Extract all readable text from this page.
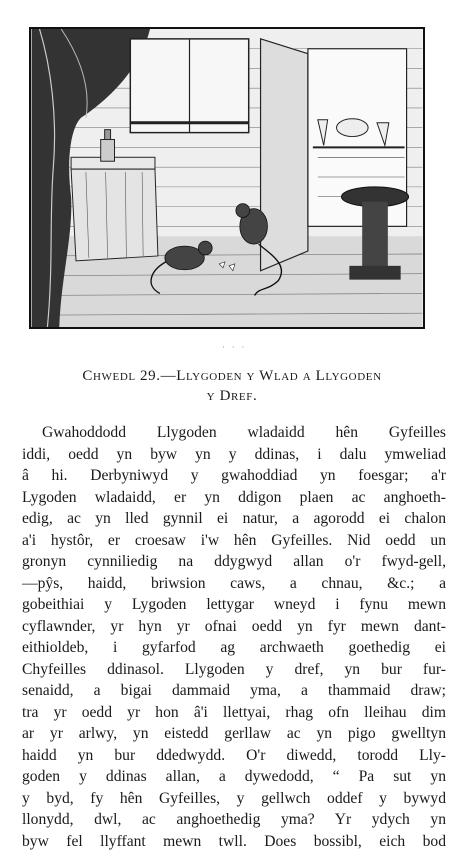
· · ·
Chwedl 29.—Llygoden y Wlad a Llygoden
y Dref.
Gwahoddodd Llygoden wladaidd hên Gyfeilles
iddi, oedd yn byw yn y ddinas, i dalu ymweliad
â hi. Derbyniwyd y gwahoddiad yn foesgar; a'r
Lygoden wladaidd, er yn ddigon plaen ac anghoeth-
edig, ac yn lled gynnil ei natur, a agorodd ei chalon
a'i hystôr, er croesaw i'w hên Gyfeilles. Nid oedd un
gronyn cynniliedig na ddygwyd allan o'r fwyd-gell,
—pŷs, haidd, briwsion caws, a chnau, &c.; a
gobeithiai y Lygoden lettygar wneyd i fynu mewn
cyflawnder, yr hyn yr ofnai oedd yn fyr mewn dant-
eithioldeb, i gyfarfod ag archwaeth goethedig ei
Chyfeilles ddinasol. Llygoden y dref, yn bur fur-
senaidd, a bigai dammaid yma, a thammaid draw;
tra yr oedd yr hon â'i llettyai, rhag ofn lleihau dim
ar yr arlwy, yn eistedd gerllaw ac yn pigo gwelltyn
haidd yn bur ddedwydd. O'r diwedd, torodd Lly-
goden y ddinas allan, a dywedodd, “ Pa sut yn
y byd, fy hên Gyfeilles, y gellwch oddef y bywyd
llonydd, dwl, ac anghoethedig yma? Yr ydych yn
byw fel llyffant mewn twll. Does bossibl, eich bod
